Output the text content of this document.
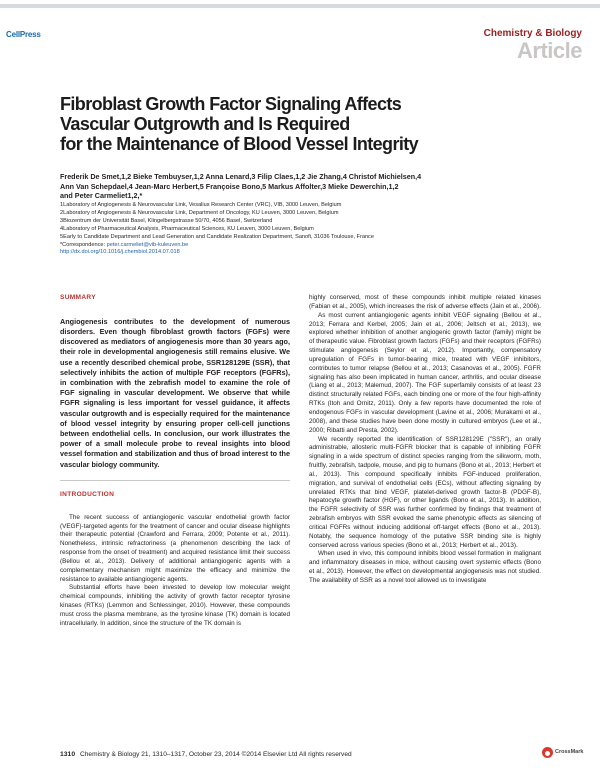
CellPress	Chemistry & Biology
Article
Fibroblast Growth Factor Signaling Affects
Vascular Outgrowth and Is Required
for the Maintenance of Blood Vessel Integrity
Frederik De Smet,1,2 Bieke Tembuyser,1,2 Anna Lenard,3 Filip Claes,1,2 Jie Zhang,4 Christof Michielsen,4
Ann Van Schepdael,4 Jean-Marc Herbert,5 Françoise Bono,5 Markus Affolter,3 Mieke Dewerchin,1,2
and Peter Carmeliet1,2,*
1Laboratory of Angiogenesis & Neurovascular Link, Vesalius Research Center (VRC), VIB, 3000 Leuven, Belgium
2Laboratory of Angiogenesis & Neurovascular Link, Department of Oncology, KU Leuven, 3000 Leuven, Belgium
3Biozentrum der Universität Basel, Klingelbergstrasse 50/70, 4056 Basel, Switzerland
4Laboratory of Pharmaceutical Analysis, Pharmaceutical Sciences, KU Leuven, 3000 Leuven, Belgium
5Early to Candidate Department and Lead Generation and Candidate Realization Department, Sanofi, 31036 Toulouse, France
*Correspondence: peter.carmeliet@vib-kuleuven.be
http://dx.doi.org/10.1016/j.chembiol.2014.07.018
SUMMARY

Angiogenesis contributes to the development of numerous disorders. Even though fibroblast growth factors (FGFs) were discovered as mediators of angiogenesis more than 30 years ago, their role in developmental angiogenesis still remains elusive. We use a recently described chemical probe, SSR128129E (SSR), that selectively inhibits the action of multiple FGF receptors (FGFRs), in combination with the zebrafish model to examine the role of FGF signaling in vascular development. We observe that while FGFR signaling is less important for vessel guidance, it affects vascular outgrowth and is especially required for the maintenance of blood vessel integrity by ensuring proper cell-cell junctions between endothelial cells. In conclusion, our work illustrates the power of a small molecule probe to reveal insights into blood vessel formation and stabilization and thus of broad interest to the vascular biology community.

INTRODUCTION

The recent success of antiangiogenic vascular endothelial growth factor (VEGF)-targeted agents for the treatment of cancer and ocular disease highlights their therapeutic potential (Crawford and Ferrara, 2009; Potente et al., 2011). Nonetheless, intrinsic refractoriness (a phenomenon describing the lack of response from the onset of treatment) and acquired resistance limit their success (Bellou et al., 2013). Delivery of additional antiangiogenic agents with a complementary mechanism might maximize the efficacy and minimize the resistance to available antiangiogenic agents.

Substantial efforts have been invested to develop low molecular weight chemical compounds, inhibiting the activity of growth factor receptor tyrosine kinases (RTKs) (Lemmon and Schlessinger, 2010). However, these compounds must cross the plasma membrane, as the tyrosine kinase (TK) domain is located intracellularly. In addition, since the structure of the TK domain is

highly conserved, most of these compounds inhibit multiple related kinases (Fabian et al., 2005), which increases the risk of adverse effects (Jain et al., 2006).

As most current antiangiogenic agents inhibit VEGF signaling (Bellou et al., 2013; Ferrara and Kerbel, 2005; Jain et al., 2006; Jeltsch et al., 2013), we explored whether inhibition of another angiogenic growth factor (family) might be of therapeutic value. Fibroblast growth factors (FGFs) and their receptors (FGFRs) stimulate angiogenesis (Seylor et al., 2012). Importantly, compensatory upregulation of FGFs in tumor-bearing mice, treated with VEGF inhibitors, contributes to tumor relapse (Bellou et al., 2013; Casanovas et al., 2005). FGFR signaling has also been implicated in human cancer, arthritis, and ocular disease (Liang et al., 2013; Malemud, 2007). The FGF superfamily consists of at least 23 distinct structurally related FGFs, each binding one or more of the four high-affinity RTKs (Itoh and Ornitz, 2011). Only a few reports have documented the role of endogenous FGFs in vascular development (Lavine et al., 2006; Murakami et al., 2008), and these studies have been done mostly in cultured embryos (Lee et al., 2000; Ribatti and Presta, 2002).

We recently reported the identification of SSR128129E ("SSR"), an orally administrable, allosteric multi-FGFR blocker that is capable of inhibiting FGFR signaling in a wide spectrum of distinct species ranging from the silkworm, moth, fruitfly, zebrafish, tadpole, mouse, and pig to humans (Bono et al., 2013; Herbert et al., 2013). This compound specifically inhibits FGF-induced proliferation, migration, and survival of endothelial cells (ECs), without affecting signaling by unrelated RTKs that bind VEGF, platelet-derived growth factor-B (PDGF-B), hepatocyte growth factor (HGF), or other ligands (Bono et al., 2013). In addition, the FGFR selectivity of SSR was further confirmed by findings that treatment of zebrafish embryos with SSR evoked the same phenotypic effects as silencing of critical FGFRs without inducing additional off-target effects (Bono et al., 2013). Notably, the sequence homology of the putative SSR binding site is highly conserved across various species (Bono et al., 2013; Herbert et al., 2013).

When used in vivo, this compound inhibits blood vessel formation in malignant and inflammatory diseases in mice, without causing overt systemic effects (Bono et al., 2013). However, the effect on developmental angiogenesis was not studied. The availability of SSR as a novel tool allowed us to investigate

1310 Chemistry & Biology 21, 1310–1317, October 23, 2014 ©2014 Elsevier Ltd All rights reserved	CrossMark
